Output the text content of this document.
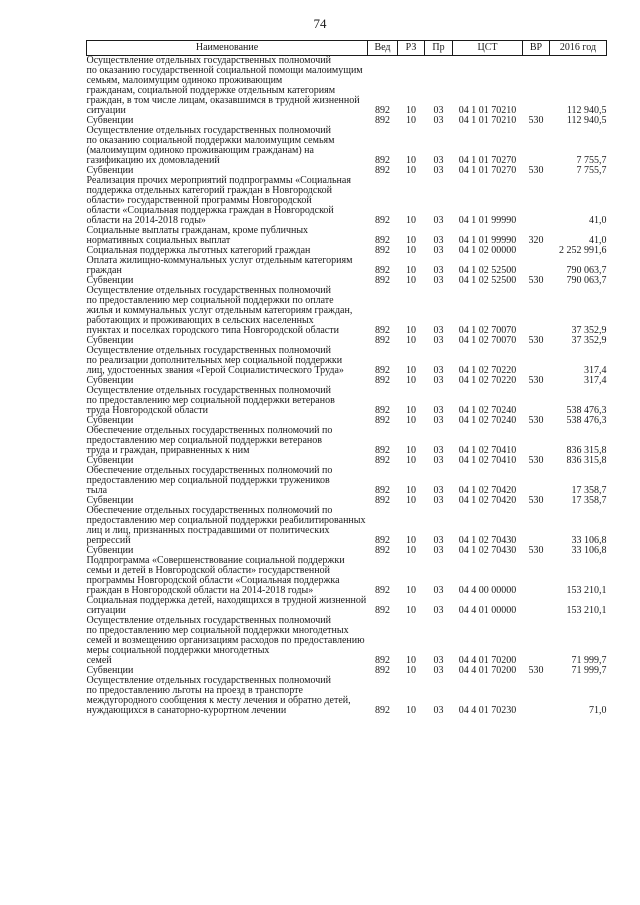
74
Наименование	Вед	РЗ	Пр	ЦСТ	ВР	2016 год

Осуществление отдельных государственных полномочий
по оказанию государственной социальной помощи малоимущим семьям, малоимущим одиноко проживающим
гражданам, социальной поддержке отдельным категориям
граждан, в том числе лицам, оказавшимся в трудной жизненной ситуации	892	10	03	04 1 01 70210		112 940,5

Субвенции	892	10	03	04 1 01 70210	530	112 940,5

Осуществление отдельных государственных полномочий
по оказанию социальной поддержки малоимущим семьям
(малоимущим одиноко проживающим гражданам) на газификацию их домовладений	892	10	03	04 1 01 70270		7 755,7

Субвенции	892	10	03	04 1 01 70270	530	7 755,7

Реализация прочих мероприятий подпрограммы «Социальная поддержка отдельных категорий граждан в Новгородской области» государственной программы Новгородской
области «Социальная поддержка граждан в Новгородской
области на 2014-2018 годы»	892	10	03	04 1 01 99990		41,0

Социальные выплаты гражданам, кроме публичных нормативных социальных выплат	892	10	03	04 1 01 99990	320	41,0

Социальная поддержка льготных категорий граждан	892	10	03	04 1 02 00000		2 252 991,6

Оплата жилищно-коммунальных услуг отдельным категориям граждан	892	10	03	04 1 02 52500		790 063,7

Субвенции	892	10	03	04 1 02 52500	530	790 063,7

Осуществление отдельных государственных полномочий
по предоставлению мер социальной поддержки по оплате
жилья и коммунальных услуг отдельным категориям граждан, работающих и проживающих в сельских населенных
пунктах и поселках городского типа Новгородской области	892	10	03	04 1 02 70070		37 352,9

Субвенции	892	10	03	04 1 02 70070	530	37 352,9

Осуществление отдельных государственных полномочий
по реализации дополнительных мер социальной поддержки
лиц, удостоенных звания «Герой Социалистического Труда»	892	10	03	04 1 02 70220		317,4

Субвенции	892	10	03	04 1 02 70220	530	317,4

Осуществление отдельных государственных полномочий
по предоставлению мер социальной поддержки ветеранов
труда Новгородской области	892	10	03	04 1 02 70240		538 476,3

Субвенции	892	10	03	04 1 02 70240	530	538 476,3

Обеспечение отдельных государственных полномочий по
предоставлению мер социальной поддержки ветеранов
труда и граждан, приравненных к ним	892	10	03	04 1 02 70410		836 315,8

Субвенции	892	10	03	04 1 02 70410	530	836 315,8

Обеспечение отдельных государственных полномочий по
предоставлению мер социальной поддержки тружеников
тыла	892	10	03	04 1 02 70420		17 358,7

Субвенции	892	10	03	04 1 02 70420	530	17 358,7

Обеспечение отдельных государственных полномочий по
предоставлению мер социальной поддержки реабилитированных лиц и лиц, признанных пострадавшими от политических репрессий	892	10	03	04 1 02 70430		33 106,8

Субвенции	892	10	03	04 1 02 70430	530	33 106,8

Подпрограмма «Совершенствование социальной поддержки семьи и детей в Новгородской области» государственной программы Новгородской области «Социальная поддержка граждан в Новгородской области на 2014-2018 годы»	892	10	03	04 4 00 00000		153 210,1

Социальная поддержка детей, находящихся в трудной жизненной ситуации	892	10	03	04 4 01 00000		153 210,1

Осуществление отдельных государственных полномочий
по предоставлению мер социальной поддержки многодетных семей и возмещению организациям расходов по предоставлению меры социальной поддержки многодетных
семей	892	10	03	04 4 01 70200		71 999,7

Субвенции	892	10	03	04 4 01 70200	530	71 999,7

Осуществление отдельных государственных полномочий
по предоставлению льготы на проезд в транспорте междугородного сообщения к месту лечения и обратно детей, нуждающихся в санаторно-курортном лечении	892	10	03	04 4 01 70230		71,0
